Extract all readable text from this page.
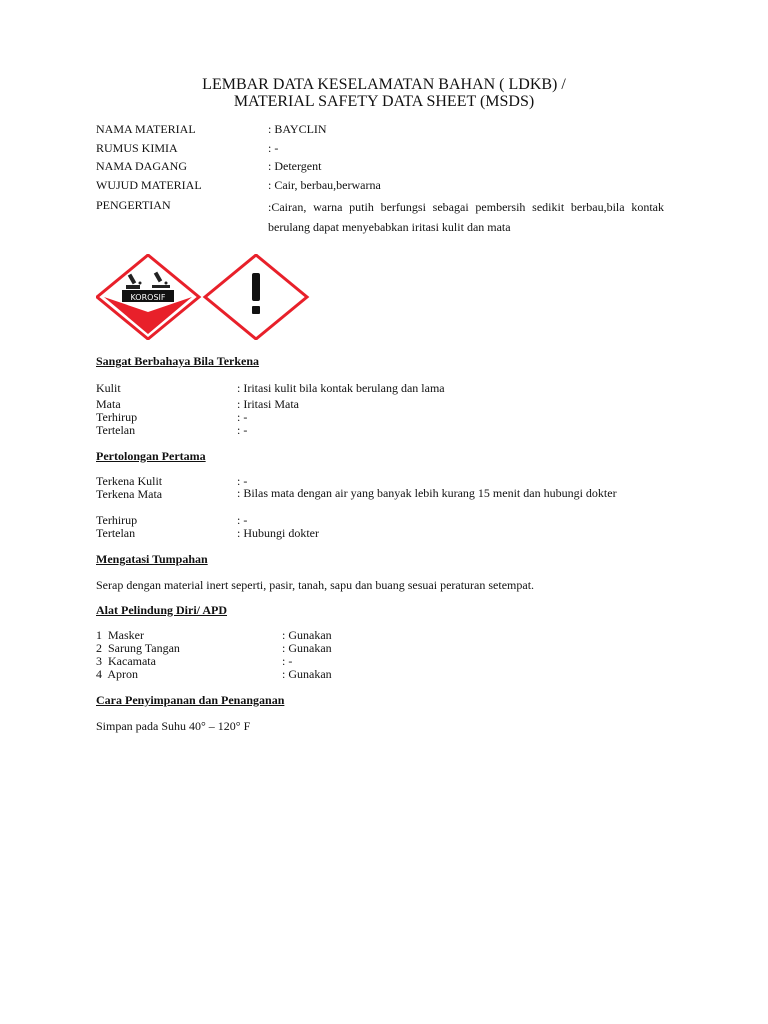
LEMBAR DATA KESELAMATAN BAHAN ( LDKB) /
MATERIAL SAFETY DATA SHEET (MSDS)
NAMA MATERIAL	: BAYCLIN
RUMUS KIMIA	: -
NAMA DAGANG	: Detergent
WUJUD MATERIAL	: Cair, berbau,berwarna
PENGERTIAN	:Cairan, warna putih berfungsi sebagai pembersih sedikit berbau,bila kontak berulang dapat menyebabkan iritasi kulit dan mata
KOROSIF
Sangat Berbahaya Bila Terkena
Kulit	: Iritasi kulit bila kontak berulang dan lama
Mata	: Iritasi Mata
Terhirup	: -
Tertelan	: -
Pertolongan Pertama
Terkena Kulit	: -
Terkena Mata	: Bilas mata dengan air yang banyak lebih kurang 15 menit dan hubungi dokter
Terhirup	: -
Tertelan	: Hubungi dokter
Mengatasi Tumpahan
Serap dengan material inert seperti, pasir, tanah, sapu dan buang sesuai peraturan setempat.
Alat Pelindung Diri/ APD
1  Masker	: Gunakan
2  Sarung Tangan	: Gunakan
3  Kacamata	: -
4  Apron	: Gunakan
Cara Penyimpanan dan Penanganan
Simpan pada Suhu 40° – 120° F
